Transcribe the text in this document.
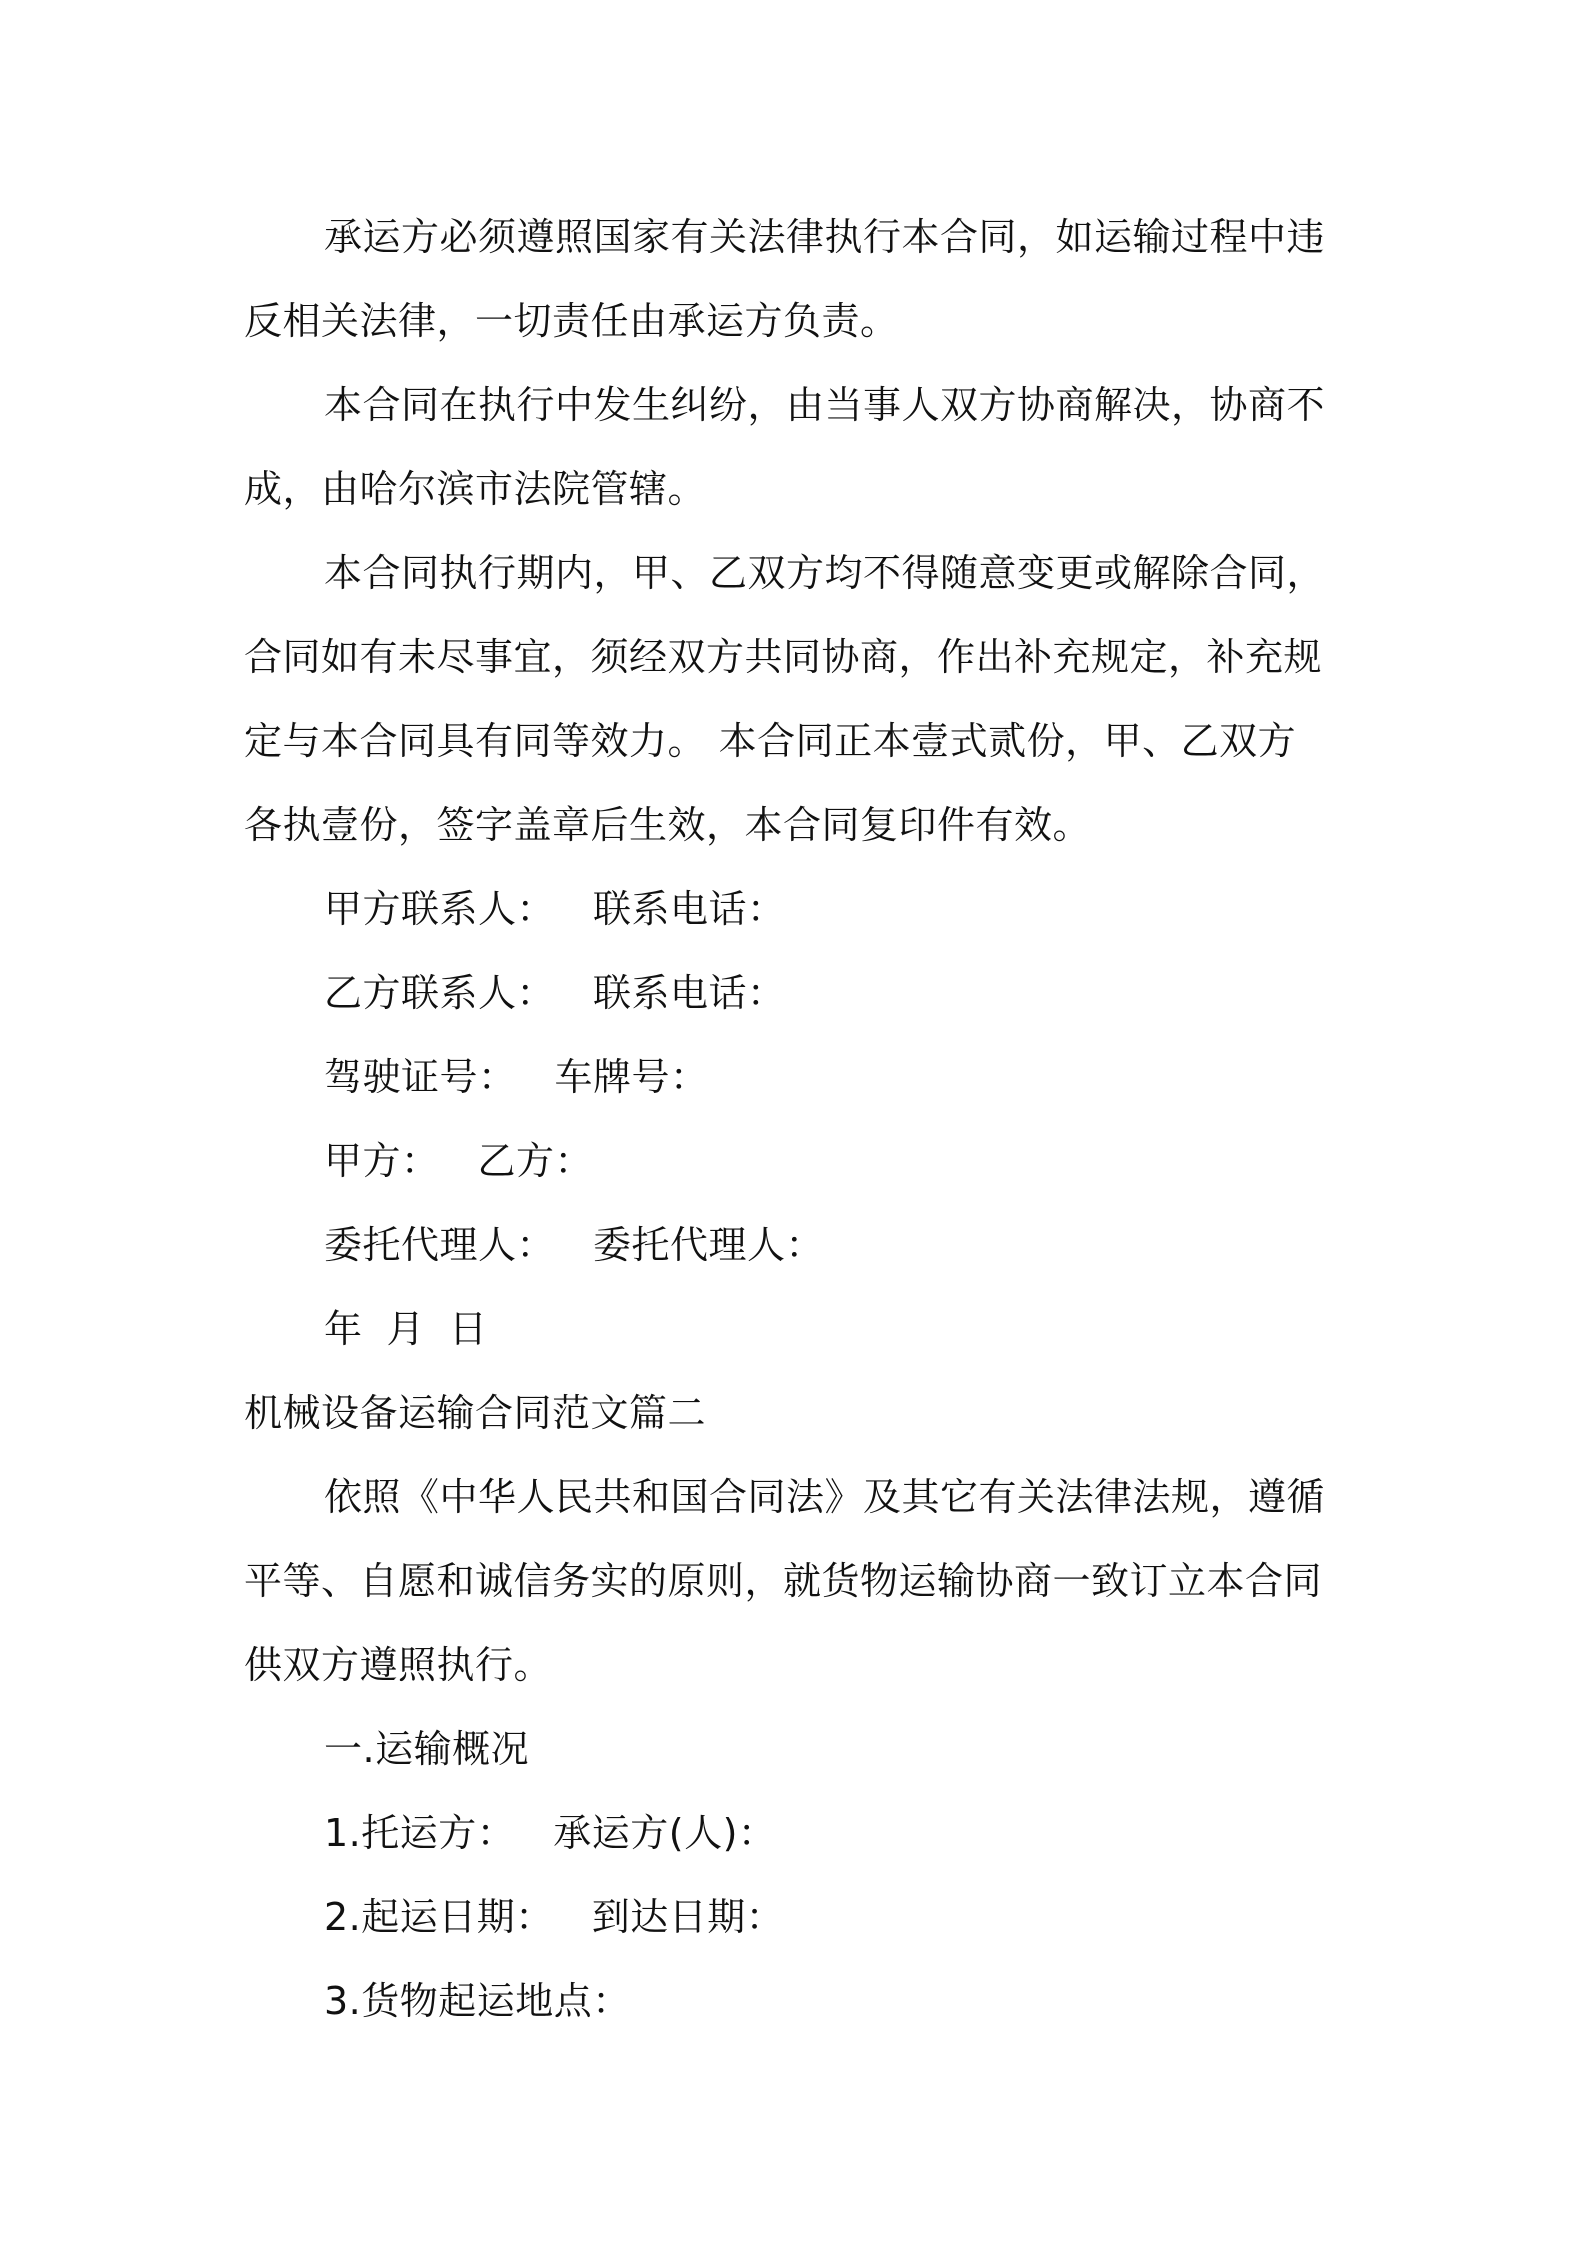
承运方必须遵照国家有关法律执行本合同，如运输过程中违
反相关法律，一切责任由承运方负责。
本合同在执行中发生纠纷，由当事人双方协商解决，协商不
成，由哈尔滨市法院管辖。
本合同执行期内，甲、乙双方均不得随意变更或解除合同，
合同如有未尽事宜，须经双方共同协商，作出补充规定，补充规
定与本合同具有同等效力。 本合同正本壹式贰份，甲、乙双方
各执壹份，签字盖章后生效，本合同复印件有效。
甲方联系人： 联系电话：
乙方联系人： 联系电话：
驾驶证号： 车牌号：
甲方： 乙方：
委托代理人： 委托代理人：
年 月 日
机械设备运输合同范文篇二
依照《中华人民共和国合同法》及其它有关法律法规，遵循
平等、自愿和诚信务实的原则，就货物运输协商一致订立本合同
供双方遵照执行。
一.运输概况
1.托运方： 承运方(人)：
2.起运日期： 到达日期：
3.货物起运地点：
